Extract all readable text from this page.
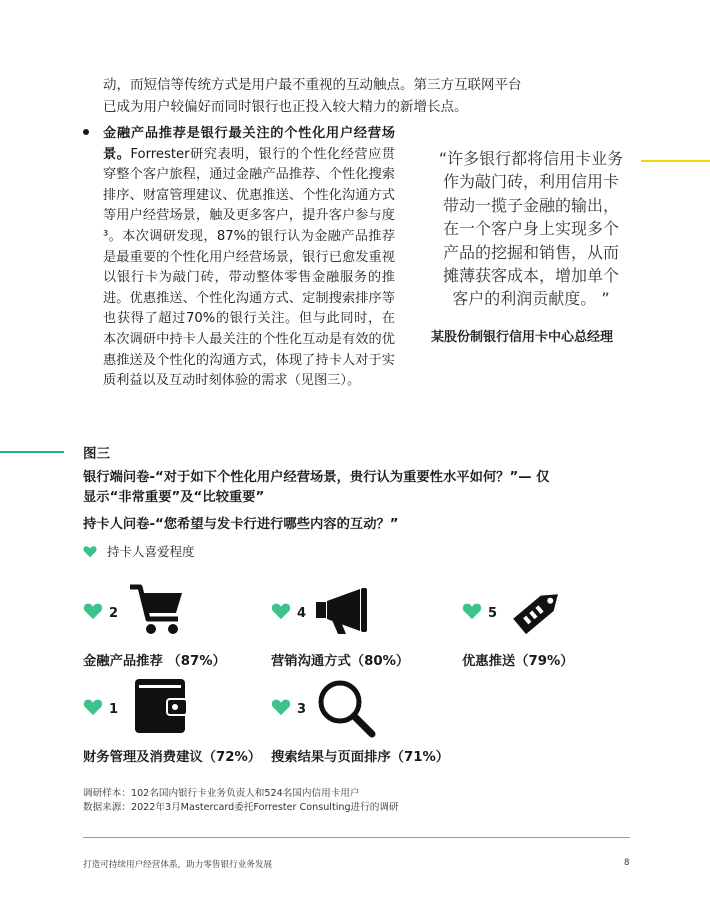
动，而短信等传统方式是用户最不重视的互动触点。第三方互联网平台
已成为用户较偏好而同时银行也正投入较大精力的新增长点。
金融产品推荐是银行最关注的个性化用户经营场景。Forrester研究表明，银行的个性化经营应贯穿整个客户旅程，通过金融产品推荐、个性化搜索排序、财富管理建议、优惠推送、个性化沟通方式等用户经营场景，触及更多客户，提升客户参与度³。本次调研发现，87%的银行认为金融产品推荐是最重要的个性化用户经营场景，银行已愈发重视以银行卡为敲门砖，带动整体零售金融服务的推进。优惠推送、个性化沟通方式、定制搜索排序等也获得了超过70%的银行关注。但与此同时，在本次调研中持卡人最关注的个性化互动是有效的优惠推送及个性化的沟通方式，体现了持卡人对于实质利益以及互动时刻体验的需求（见图三）。
“许多银行都将信用卡业务
作为敲门砖，利用信用卡
带动一揽子金融的输出，
在一个客户身上实现多个
产品的挖掘和销售，从而
摊薄获客成本，增加单个
客户的利润贡献度。 ”
某股份制银行信用卡中心总经理
图三
银行端问卷-“对于如下个性化用户经营场景，贵行认为重要性水平如何？”— 仅显示“非常重要”及“比较重要”
持卡人问卷-“您希望与发卡行进行哪些内容的互动？”
持卡人喜爱程度
2
金融产品推荐 （87%）
4
营销沟通方式（80%）
5
优惠推送（79%）
1
财务管理及消费建议（72%）
3
搜索结果与页面排序（71%）
调研样本：102名国内银行卡业务负责人和524名国内信用卡用户
数据来源：2022年3月Mastercard委托Forrester Consulting进行的调研
打造可持续用户经营体系，助力零售银行业务发展	8
